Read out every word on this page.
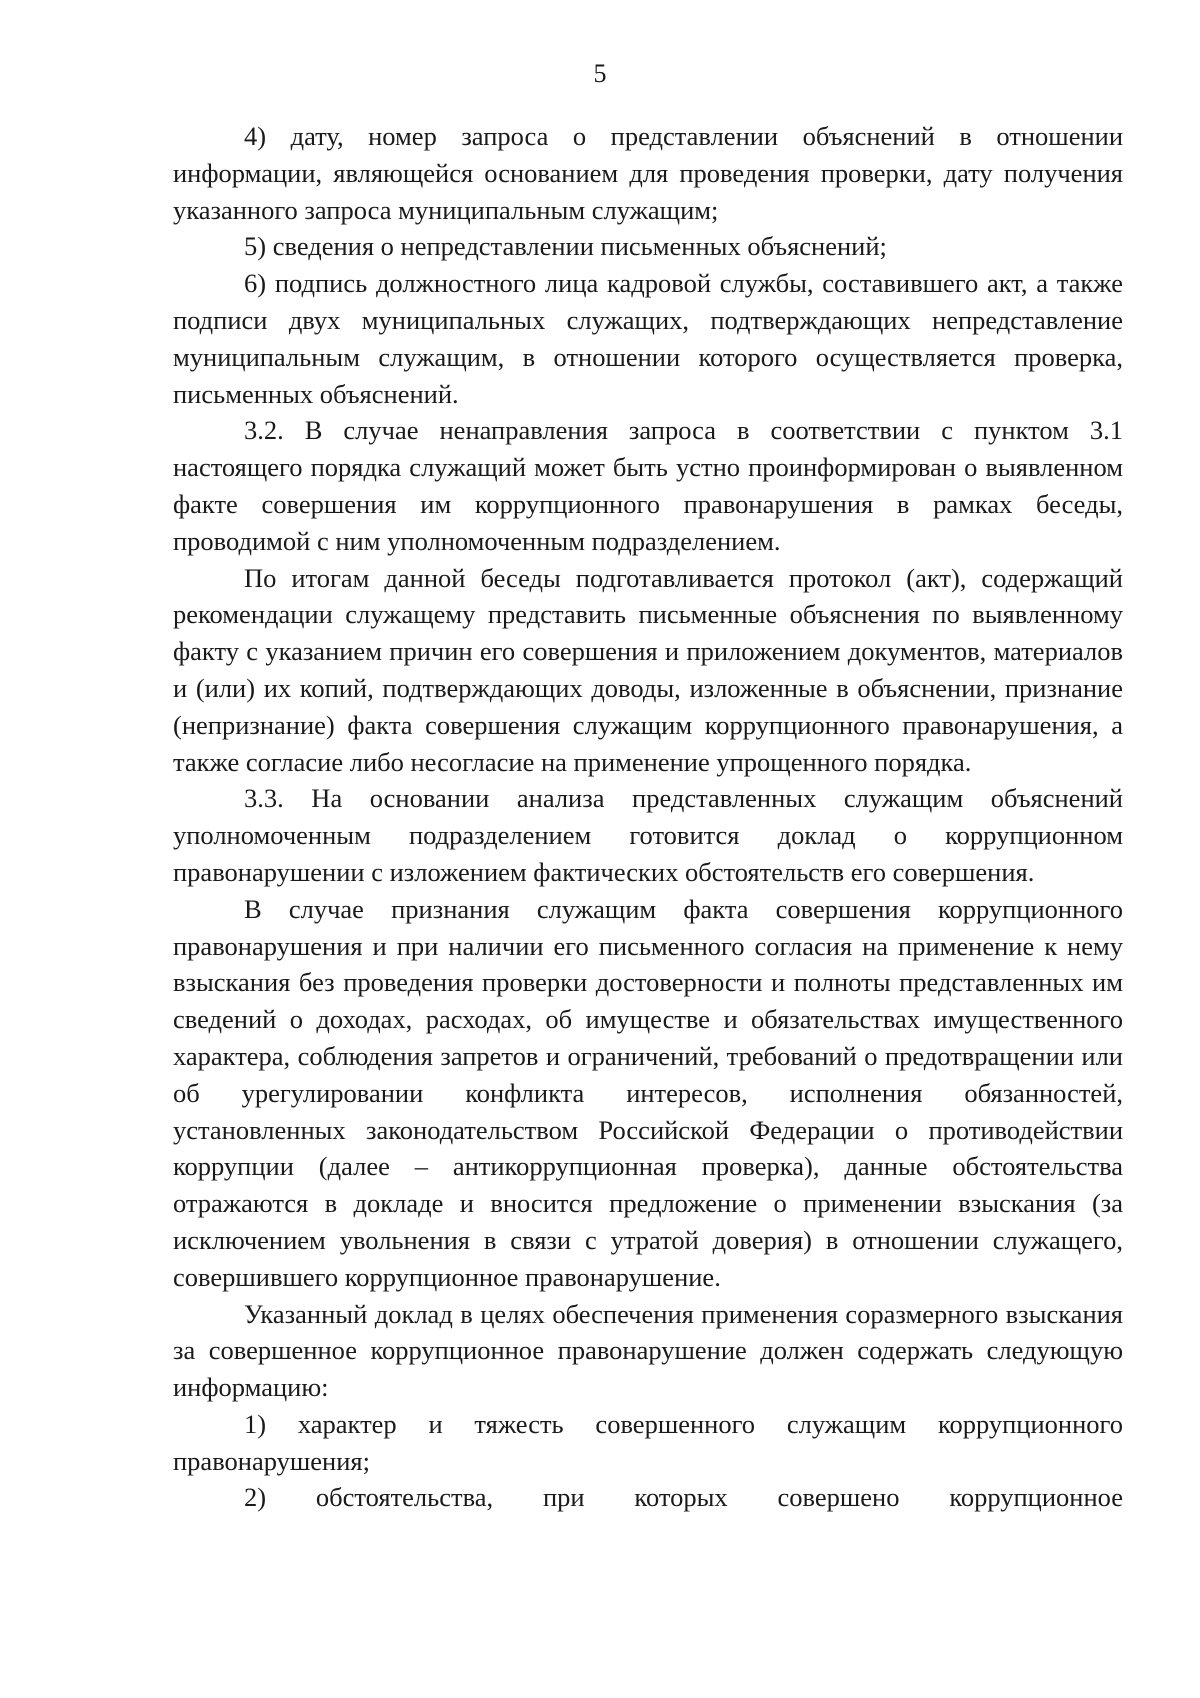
5

4) дату, номер запроса о представлении объяснений в отношении информации, являющейся основанием для проведения проверки, дату получения указанного запроса муниципальным служащим;

5) сведения о непредставлении письменных объяснений;

6) подпись должностного лица кадровой службы, составившего акт, а также подписи двух муниципальных служащих, подтверждающих непредставление муниципальным служащим, в отношении которого осуществляется проверка, письменных объяснений.

3.2. В случае ненаправления запроса в соответствии с пунктом 3.1 настоящего порядка служащий может быть устно проинформирован о выявленном факте совершения им коррупционного правонарушения в рамках беседы, проводимой с ним уполномоченным подразделением.

По итогам данной беседы подготавливается протокол (акт), содержащий рекомендации служащему представить письменные объяснения по выявленному факту с указанием причин его совершения и приложением документов, материалов и (или) их копий, подтверждающих доводы, изложенные в объяснении, признание (непризнание) факта совершения служащим коррупционного правонарушения, а также согласие либо несогласие на применение упрощенного порядка.

3.3. На основании анализа представленных служащим объяснений уполномоченным подразделением готовится доклад о коррупционном правонарушении с изложением фактических обстоятельств его совершения.

В случае признания служащим факта совершения коррупционного правонарушения и при наличии его письменного согласия на применение к нему взыскания без проведения проверки достоверности и полноты представленных им сведений о доходах, расходах, об имуществе и обязательствах имущественного характера, соблюдения запретов и ограничений, требований о предотвращении или об урегулировании конфликта интересов, исполнения обязанностей, установленных законодательством Российской Федерации о противодействии коррупции (далее – антикоррупционная проверка), данные обстоятельства отражаются в докладе и вносится предложение о применении взыскания (за исключением увольнения в связи с утратой доверия) в отношении служащего, совершившего коррупционное правонарушение.

Указанный доклад в целях обеспечения применения соразмерного взыскания за совершенное коррупционное правонарушение должен содержать следующую информацию:

1) характер и тяжесть совершенного служащим коррупционного правонарушения;

2) обстоятельства, при которых совершено коррупционное
